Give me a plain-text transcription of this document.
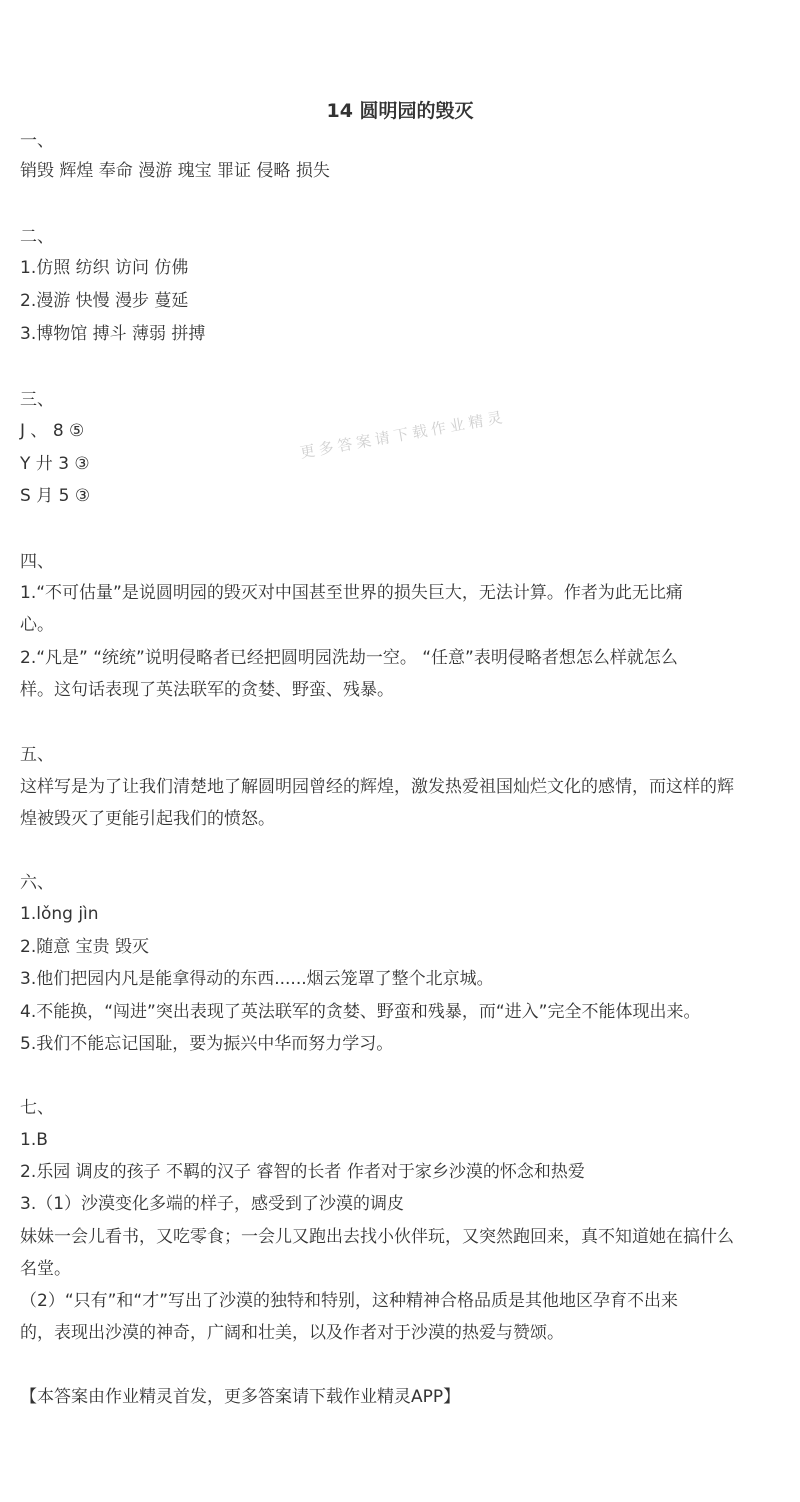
14 圆明园的毁灭
更多答案请下载作业精灵
一、
销毁 辉煌 奉命 漫游 瑰宝 罪证 侵略 损失
二、
1.仿照 纺织 访问 仿佛
2.漫游 快慢 漫步 蔓延
3.博物馆 搏斗 薄弱 拼搏
三、
J 、 8 ⑤
Y 廾 3 ③
S 月 5 ③
四、
1.“不可估量”是说圆明园的毁灭对中国甚至世界的损失巨大，无法计算。作者为此无比痛
心。
2.“凡是” “统统”说明侵略者已经把圆明园洗劫一空。 “任意”表明侵略者想怎么样就怎么
样。这句话表现了英法联军的贪婪、野蛮、残暴。
五、
这样写是为了让我们清楚地了解圆明园曾经的辉煌，激发热爱祖国灿烂文化的感情，而这样的辉
煌被毁灭了更能引起我们的愤怒。
六、
1.lǒng jìn
2.随意 宝贵 毁灭
3.他们把园内凡是能拿得动的东西......烟云笼罩了整个北京城。
4.不能换，“闯进”突出表现了英法联军的贪婪、野蛮和残暴，而“进入”完全不能体现出来。
5.我们不能忘记国耻，要为振兴中华而努力学习。
七、
1.B
2.乐园 调皮的孩子 不羁的汉子 睿智的长者 作者对于家乡沙漠的怀念和热爱
3.（1）沙漠变化多端的样子，感受到了沙漠的调皮
妹妹一会儿看书，又吃零食；一会儿又跑出去找小伙伴玩，又突然跑回来，真不知道她在搞什么
名堂。
（2）“只有”和“才”写出了沙漠的独特和特别，这种精神合格品质是其他地区孕育不出来
的，表现出沙漠的神奇，广阔和壮美，以及作者对于沙漠的热爱与赞颂。
【本答案由作业精灵首发，更多答案请下载作业精灵APP】
